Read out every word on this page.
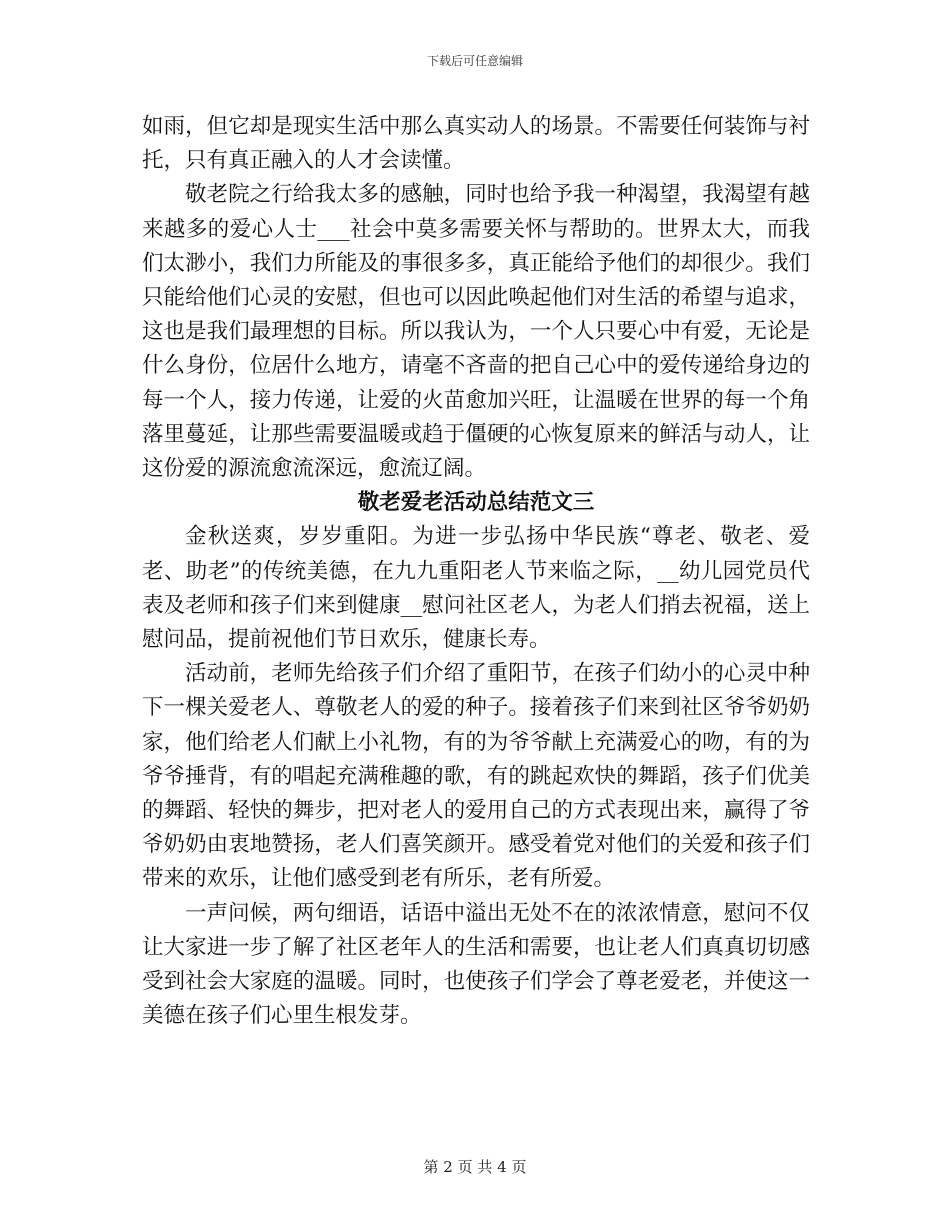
下载后可任意编辑

如雨，但它却是现实生活中那么真实动人的场景。不需要任何装饰与衬托，只有真正融入的人才会读懂。

敬老院之行给我太多的感触，同时也给予我一种渴望，我渴望有越来越多的爱心人士___社会中莫多需要关怀与帮助的。世界太大，而我们太渺小，我们力所能及的事很多多，真正能给予他们的却很少。我们只能给他们心灵的安慰，但也可以因此唤起他们对生活的希望与追求，这也是我们最理想的目标。所以我认为，一个人只要心中有爱，无论是什么身份，位居什么地方，请毫不吝啬的把自己心中的爱传递给身边的每一个人，接力传递，让爱的火苗愈加兴旺，让温暖在世界的每一个角落里蔓延，让那些需要温暖或趋于僵硬的心恢复原来的鲜活与动人，让这份爱的源流愈流深远，愈流辽阔。

敬老爱老活动总结范文三

金秋送爽，岁岁重阳。为进一步弘扬中华民族“尊老、敬老、爱老、助老”的传统美德，在九九重阳老人节来临之际，__幼儿园党员代表及老师和孩子们来到健康__慰问社区老人，为老人们捎去祝福，送上慰问品，提前祝他们节日欢乐，健康长寿。

活动前，老师先给孩子们介绍了重阳节，在孩子们幼小的心灵中种下一棵关爱老人、尊敬老人的爱的种子。接着孩子们来到社区爷爷奶奶家，他们给老人们献上小礼物，有的为爷爷献上充满爱心的吻，有的为爷爷捶背，有的唱起充满稚趣的歌，有的跳起欢快的舞蹈，孩子们优美的舞蹈、轻快的舞步，把对老人的爱用自己的方式表现出来，赢得了爷爷奶奶由衷地赞扬，老人们喜笑颜开。感受着党对他们的关爱和孩子们带来的欢乐，让他们感受到老有所乐，老有所爱。

一声问候，两句细语，话语中溢出无处不在的浓浓情意，慰问不仅让大家进一步了解了社区老年人的生活和需要，也让老人们真真切切感受到社会大家庭的温暖。同时，也使孩子们学会了尊老爱老，并使这一美德在孩子们心里生根发芽。

第 2 页 共 4 页
